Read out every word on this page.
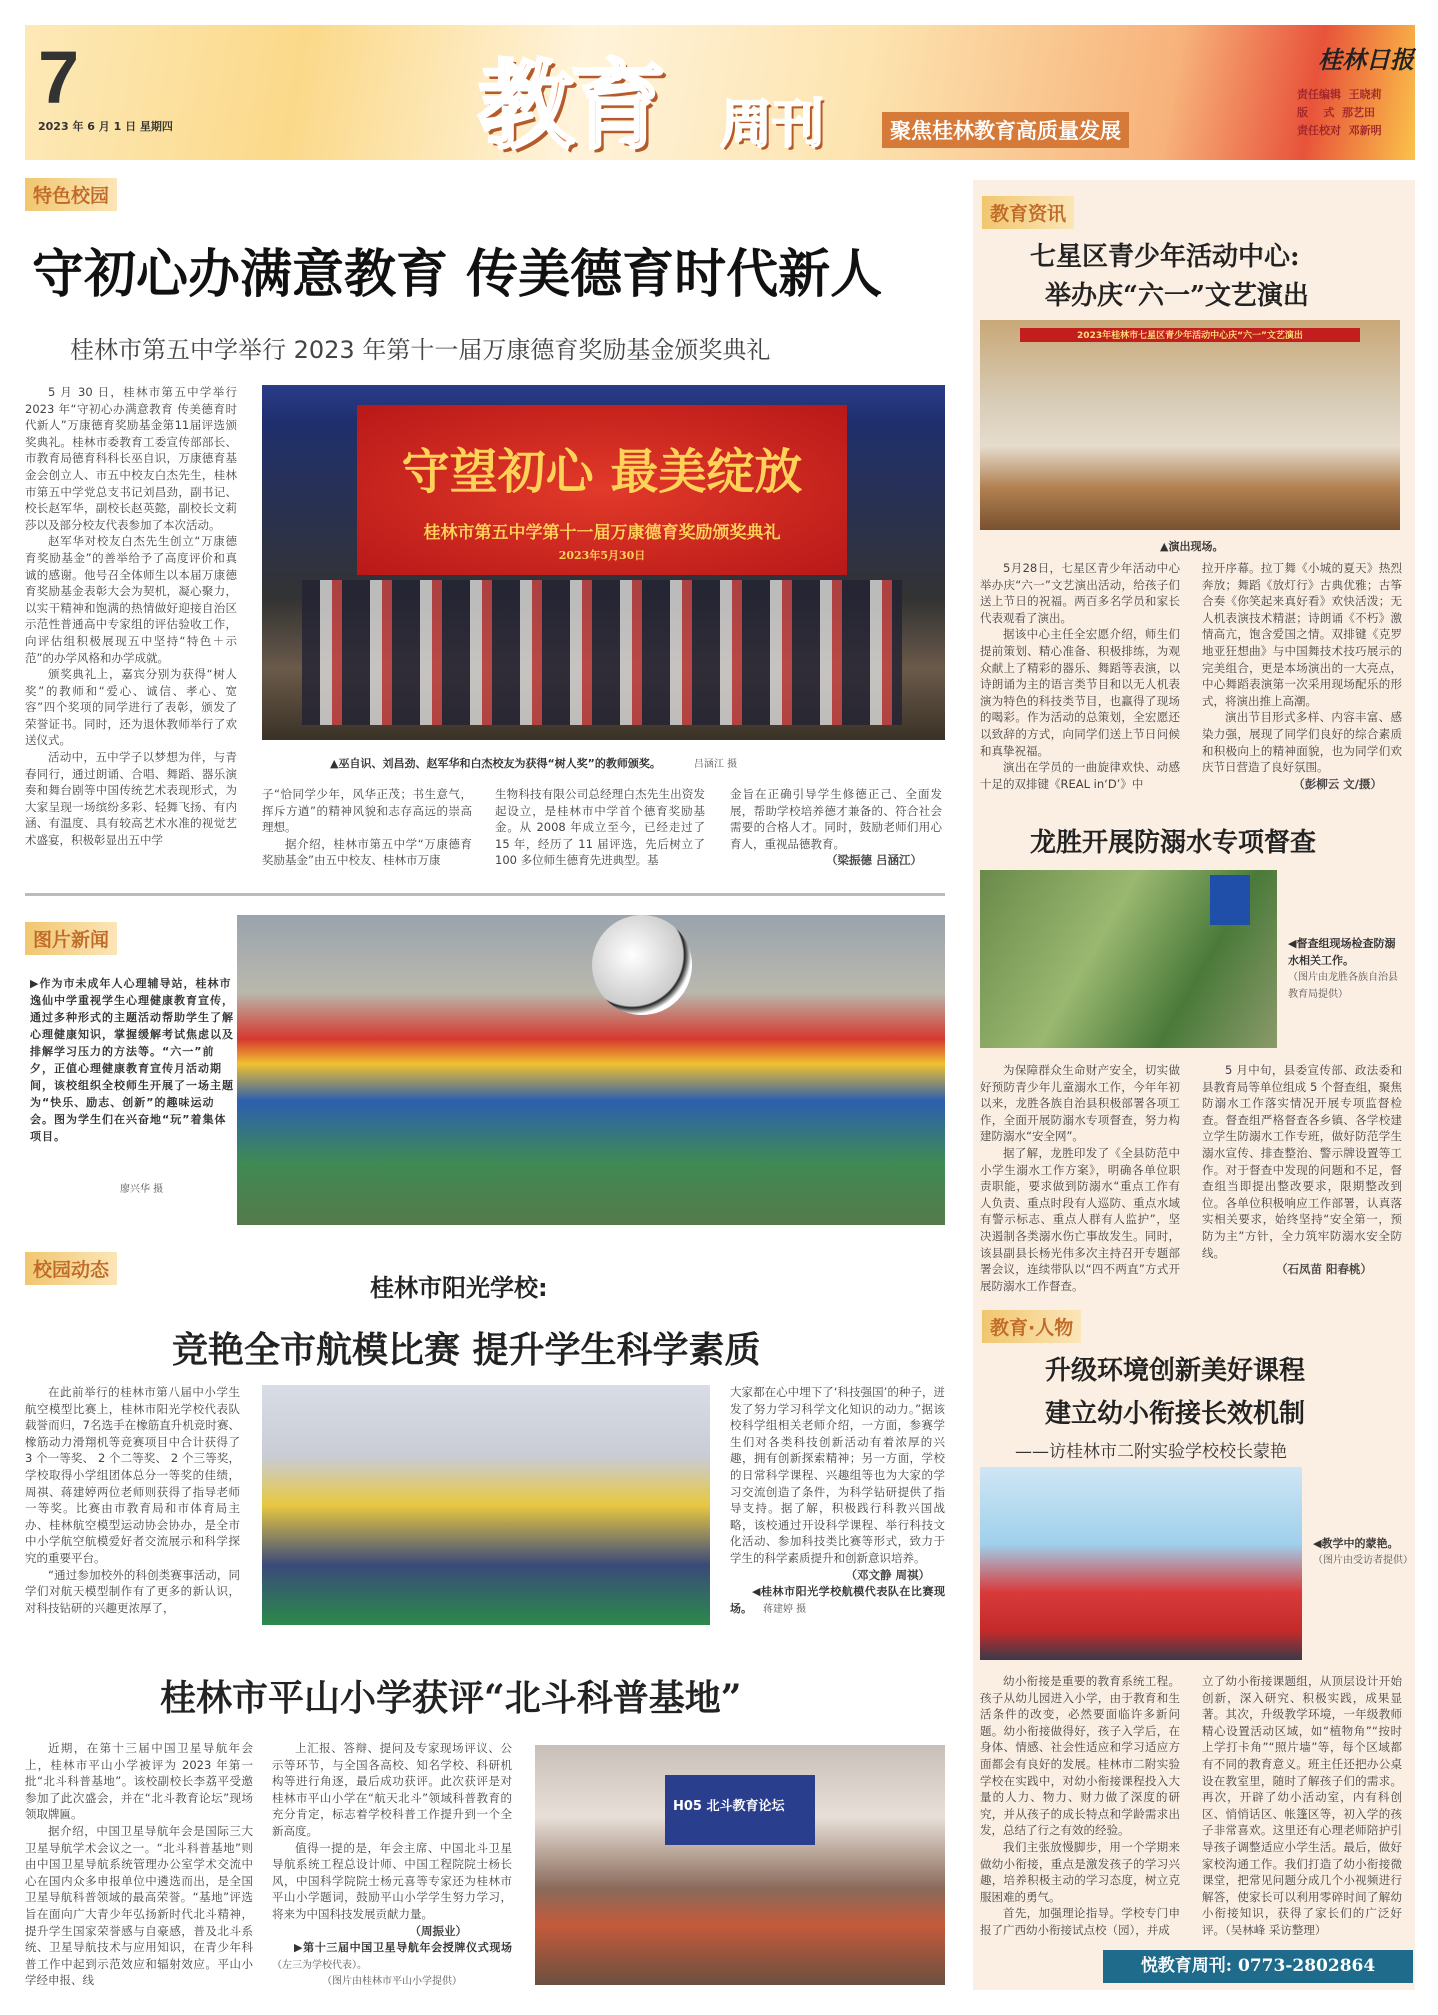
7
2023 年 6 月 1 日 星期四	教育 周刊	聚焦桂林教育高质量发展
桂林日报
责任编辑  王晓莉
版    式  那艺田
责任校对  邓新明
特色校园
守初心办满意教育 传美德育时代新人
桂林市第五中学举行 2023 年第十一届万康德育奖励基金颁奖典礼

5 月 30 日，桂林市第五中学举行 2023 年“守初心办满意教育 传美德育时代新人”万康德育奖励基金第11届评选颁奖典礼。桂林市委教育工委宣传部部长、市教育局德育科科长巫自识，万康德育基金会创立人、市五中校友白杰先生，桂林市第五中学党总支书记刘昌劲，副书记、校长赵军华，副校长赵英懿，副校长文莉莎以及部分校友代表参加了本次活动。

赵军华对校友白杰先生创立“万康德育奖励基金”的善举给予了高度评价和真诚的感谢。他号召全体师生以本届万康德育奖励基金表彰大会为契机，凝心聚力，以实干精神和饱满的热情做好迎接自治区示范性普通高中专家组的评估验收工作，向评估组积极展现五中坚持“特色＋示范”的办学风格和办学成就。

颁奖典礼上，嘉宾分别为获得“树人奖”的教师和“爱心、诚信、孝心、宽容”四个奖项的同学进行了表彰，颁发了荣誉证书。同时，还为退休教师举行了欢送仪式。

活动中，五中学子以梦想为伴，与青春同行，通过朗诵、合唱、舞蹈、器乐演奏和舞台剧等中国传统艺术表现形式，为大家呈现一场缤纷多彩、轻舞飞扬、有内涵、有温度、具有较高艺术水准的视觉艺术盛宴，积极彰显出五中学

守望初心 最美绽放
桂林市第五中学第十一届万康德育奖励颁奖典礼
2023年5月30日
▲巫自识、刘昌劲、赵军华和白杰校友为获得“树人奖”的教师颁奖。   	吕涵江 摄

子“恰同学少年，风华正茂；书生意气，挥斥方遒”的精神风貌和志存高远的崇高理想。

据介绍，桂林市第五中学“万康德育奖励基金”由五中校友、桂林市万康

生物科技有限公司总经理白杰先生出资发起设立，是桂林市中学首个德育奖励基金。从 2008 年成立至今，已经走过了 15 年，经历了 11 届评选，先后树立了 100 多位师生德育先进典型。基
金旨在正确引导学生修德正己、全面发展，帮助学校培养德才兼备的、符合社会需要的合格人才。同时，鼓励老师们用心育人，重视品德教育。
（梁振德 吕涵江）
图片新闻
▶作为市未成年人心理辅导站，桂林市逸仙中学重视学生心理健康教育宣传，通过多种形式的主题活动帮助学生了解心理健康知识，掌握缓解考试焦虑以及排解学习压力的方法等。“六一”前夕，正值心理健康教育宣传月活动期间，该校组织全校师生开展了一场主题为“快乐、励志、创新”的趣味运动会。图为学生们在兴奋地“玩”着集体项目。
廖兴华 摄
校园动态
桂林市阳光学校:
竞艳全市航模比赛 提升学生科学素质

在此前举行的桂林市第八届中小学生航空模型比赛上，桂林市阳光学校代表队载誉而归，7名选手在橡筋直升机竞时赛、橡筋动力滑翔机等竞赛项目中合计获得了 3 个一等奖、 2 个二等奖、 2 个三等奖，学校取得小学组团体总分一等奖的佳绩，周祺、蒋建婷两位老师则获得了指导老师一等奖。比赛由市教育局和市体育局主办、桂林航空模型运动协会协办，是全市中小学航空航模爱好者交流展示和科学探究的重要平台。

“通过参加校外的科创类赛事活动，同学们对航天模型制作有了更多的新认识，对科技钻研的兴趣更浓厚了，

大家都在心中埋下了‘科技强国’的种子，迸发了努力学习科学文化知识的动力。”据该校科学组相关老师介绍，一方面，参赛学生们对各类科技创新活动有着浓厚的兴趣，拥有创新探索精神；另一方面，学校的日常科学课程、兴趣组等也为大家的学习交流创造了条件，为科学钻研提供了指导支持。据了解，积极践行科教兴国战略，该校通过开设科学课程、举行科技文化活动、参加科技类比赛等形式，致力于学生的科学素质提升和创新意识培养。
（邓文静 周祺）
◀桂林市阳光学校航模代表队在比赛现场。  蒋建婷 摄
桂林市平山小学获评“北斗科普基地”

近期，在第十三届中国卫星导航年会上，桂林市平山小学被评为 2023 年第一批“北斗科普基地”。该校副校长李荔平受邀参加了此次盛会，并在“北斗教育论坛”现场领取牌匾。

据介绍，中国卫星导航年会是国际三大卫星导航学术会议之一。“北斗科普基地”则由中国卫星导航系统管理办公室学术交流中心在国内众多申报单位中遴选而出，是全国卫星导航科普领域的最高荣誉。“基地”评选旨在面向广大青少年弘扬新时代北斗精神，提升学生国家荣誉感与自豪感，普及北斗系统、卫星导航技术与应用知识，在青少年科普工作中起到示范效应和辐射效应。平山小学经申报、线

上汇报、答辩、提问及专家现场评议、公示等环节，与全国各高校、知名学校、科研机构等进行角逐，最后成功获评。此次获评是对桂林市平山小学在“航天北斗”领域科普教育的充分肯定，标志着学校科普工作提升到一个全新高度。

值得一提的是，年会主席、中国北斗卫星导航系统工程总设计师、中国工程院院士杨长风，中国科学院院士杨元喜等专家还为桂林市平山小学题词，鼓励平山小学学生努力学习，将来为中国科技发展贡献力量。

（周振业）
▶第十三届中国卫星导航年会授牌仪式现场（左三为学校代表）。
（图片由桂林市平山小学提供）
H05 北斗教育论坛
教育资讯
七星区青少年活动中心:
举办庆“六一”文艺演出
2023年桂林市七星区青少年活动中心庆“六一”文艺演出
▲演出现场。

5月28日，七星区青少年活动中心举办庆“六一”文艺演出活动，给孩子们送上节日的祝福。两百多名学员和家长代表观看了演出。

据该中心主任全宏愿介绍，师生们提前策划、精心准备、积极排练，为观众献上了精彩的器乐、舞蹈等表演，以诗朗诵为主的语言类节目和以无人机表演为特色的科技类节目，也赢得了现场的喝彩。作为活动的总策划，全宏愿还以致辞的方式，向同学们送上节日问候和真挚祝福。

演出在学员的一曲旋律欢快、动感十足的双排键《REAL in‘D’》中

拉开序幕。拉丁舞《小城的夏天》热烈奔放；舞蹈《放灯行》古典优雅；古筝合奏《你笑起来真好看》欢快活泼；无人机表演技术精湛；诗朗诵《不朽》激情高亢，饱含爱国之情。双排键《克罗地亚狂想曲》与中国舞技术技巧展示的完美组合，更是本场演出的一大亮点，中心舞蹈表演第一次采用现场配乐的形式，将演出推上高潮。

演出节目形式多样、内容丰富、感染力强，展现了同学们良好的综合素质和积极向上的精神面貌，也为同学们欢庆节日营造了良好氛围。

（彭柳云 文/摄）
龙胜开展防溺水专项督查
◀督查组现场检查防溺水相关工作。
（图片由龙胜各族自治县教育局提供）

为保障群众生命财产安全，切实做好预防青少年儿童溺水工作，今年年初以来，龙胜各族自治县积极部署各项工作，全面开展防溺水专项督查，努力构建防溺水“安全网”。

据了解，龙胜印发了《全县防范中小学生溺水工作方案》，明确各单位职责职能，要求做到防溺水“重点工作有人负责、重点时段有人巡防、重点水域有警示标志、重点人群有人监护”，坚决遏制各类溺水伤亡事故发生。同时，该县副县长杨光伟多次主持召开专题部署会议，连续带队以“四不两直”方式开展防溺水工作督查。

5 月中旬，县委宣传部、政法委和县教育局等单位组成 5 个督查组，聚焦防溺水工作落实情况开展专项监督检查。督查组严格督查各乡镇、各学校建立学生防溺水工作专班，做好防范学生溺水宣传、排查整治、警示牌设置等工作。对于督查中发现的问题和不足，督查组当即提出整改要求，限期整改到位。各单位积极响应工作部署，认真落实相关要求，始终坚持“安全第一，预防为主”方针，全力筑牢防溺水安全防线。

（石凤苗 阳春桃）
教育·人物
升级环境创新美好课程
建立幼小衔接长效机制
——访桂林市二附实验学校校长蒙艳
◀教学中的蒙艳。
（图片由受访者提供）

幼小衔接是重要的教育系统工程。孩子从幼儿园进入小学，由于教育和生活条件的改变，必然要面临许多新问题。幼小衔接做得好，孩子入学后，在身体、情感、社会性适应和学习适应方面都会有良好的发展。桂林市二附实验学校在实践中，对幼小衔接课程投入大量的人力、物力、财力做了深度的研究，并从孩子的成长特点和学龄需求出发，总结了行之有效的经验。

我们主张放慢脚步，用一个学期来做幼小衔接，重点是激发孩子的学习兴趣，培养积极主动的学习态度，树立克服困难的勇气。

首先，加强理论指导。学校专门申报了广西幼小衔接试点校（园），并成

立了幼小衔接课题组，从顶层设计开始创新，深入研究、积极实践，成果显著。其次，升级教学环境，一年级教师精心设置活动区域，如“植物角”“按时上学打卡角”“照片墙”等，每个区域都有不同的教育意义。班主任还把办公桌设在教室里，随时了解孩子们的需求。再次，开辟了幼小活动室，内有科创区、悄悄话区、帐篷区等，初入学的孩子非常喜欢。这里还有心理老师陪护引导孩子调整适应小学生活。最后，做好家校沟通工作。我们打造了幼小衔接微课堂，把常见问题分成几个小视频进行解答，使家长可以利用零碎时间了解幼小衔接知识，获得了家长们的广泛好评。（吴林峰 采访整理）

悦教育周刊: 0773-2802864
